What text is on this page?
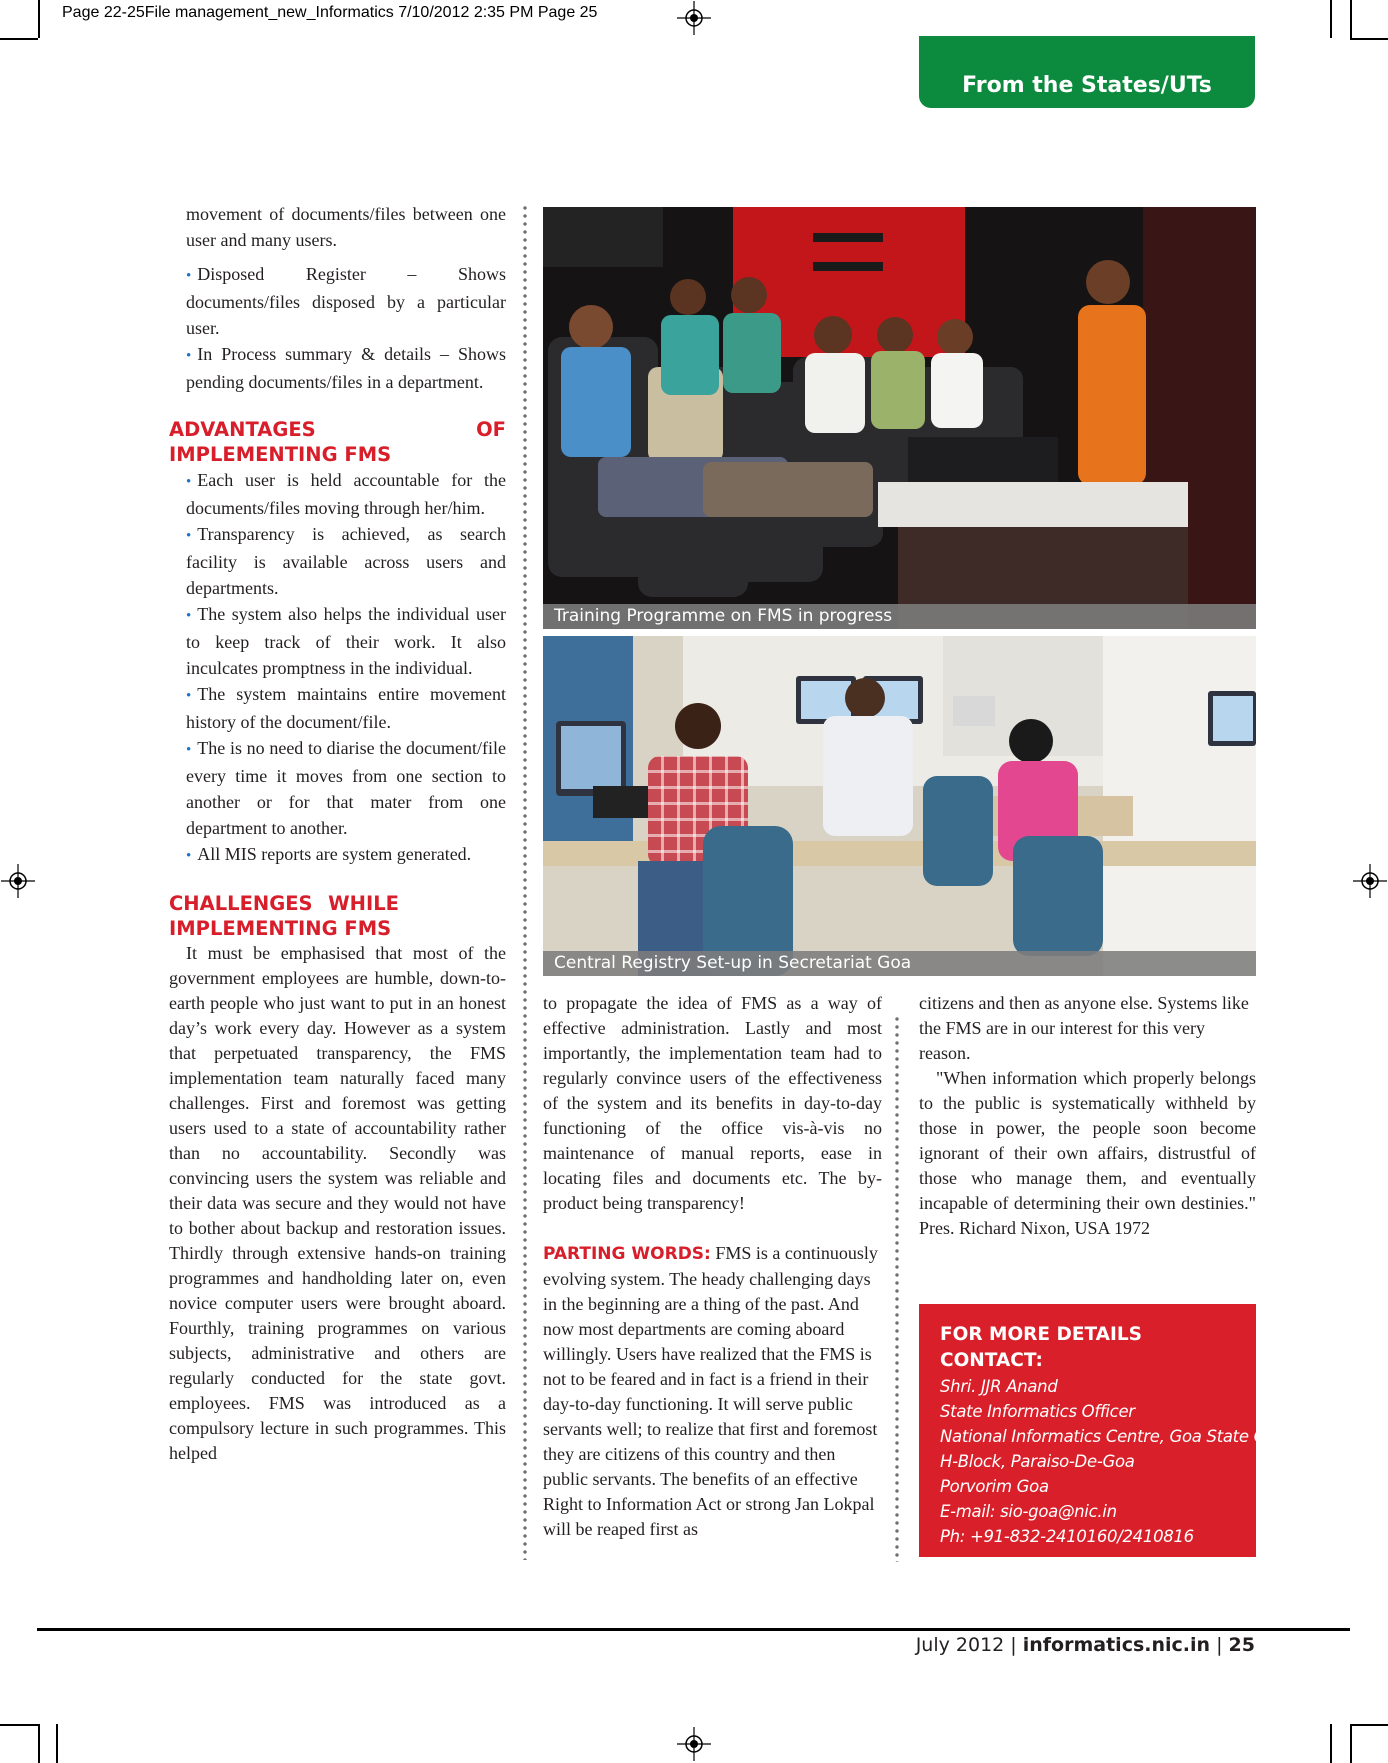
Page 22-25File management_new_Informatics 7/10/2012 2:35 PM Page 25
From the States/UTs

movement of documents/files between one user and many users.

• Disposed Register – Shows documents/files disposed by a particular user.

• In Process summary & details – Shows pending documents/files in a department.

ADVANTAGES OF IMPLEMENTING FMS

• Each user is held accountable for the documents/files moving through her/him.

• Transparency is achieved, as search facility is available across users and departments.

• The system also helps the individual user to keep track of their work. It also inculcates promptness in the individual.

• The system maintains entire movement history of the document/file.

• The is no need to diarise the document/file every time it moves from one section to another or for that mater from one department to another.

• All MIS reports are system generated.

CHALLENGES WHILE IMPLEMENTING FMS

It must be emphasised that most of the government employees are humble, down-to-earth people who just want to put in an honest day’s work every day. However as a system that perpetuated transparency, the FMS implementation team naturally faced many challenges. First and foremost was getting users used to a state of accountability rather than no accountability. Secondly was convincing users the system was reliable and their data was secure and they would not have to bother about backup and restoration issues. Thirdly through extensive hands-on training programmes and handholding later on, even novice computer users were brought aboard. Fourthly, training programmes on various subjects, administrative and others are regularly conducted for the state govt. employees. FMS was introduced as a compulsory lecture in such programmes. This helped

Training Programme on FMS in progress
Central Registry Set-up in Secretariat Goa

to propagate the idea of FMS as a way of effective administration. Lastly and most importantly, the implementation team had to regularly convince users of the effectiveness of the system and its benefits in day-to-day functioning of the office vis-à-vis no maintenance of manual reports, ease in locating files and documents etc. The by-product being transparency!

PARTING WORDS: FMS is a continuously evolving system. The heady challenging days in the beginning are a thing of the past. And now most departments are coming aboard willingly. Users have realized that the FMS is not to be feared and in fact is a friend in their day-to-day functioning. It will serve public servants well; to realize that first and foremost they are citizens of this country and then public servants. The benefits of an effective Right to Information Act or strong Jan Lokpal will be reaped first as

citizens and then as anyone else. Systems like the FMS are in our interest for this very reason.

"When information which properly belongs to the public is systematically withheld by those in power, the people soon become ignorant of their own affairs, distrustful of those who manage them, and eventually incapable of determining their own destinies." Pres. Richard Nixon, USA 1972

FOR MORE DETAILS CONTACT:
Shri. JJR Anand
State Informatics Officer
National Informatics Centre, Goa State Centre
H-Block, Paraiso-De-Goa
Porvorim Goa
E-mail: sio-goa@nic.in
Ph: +91-832-2410160/2410816
July 2012 | informatics.nic.in | 25
